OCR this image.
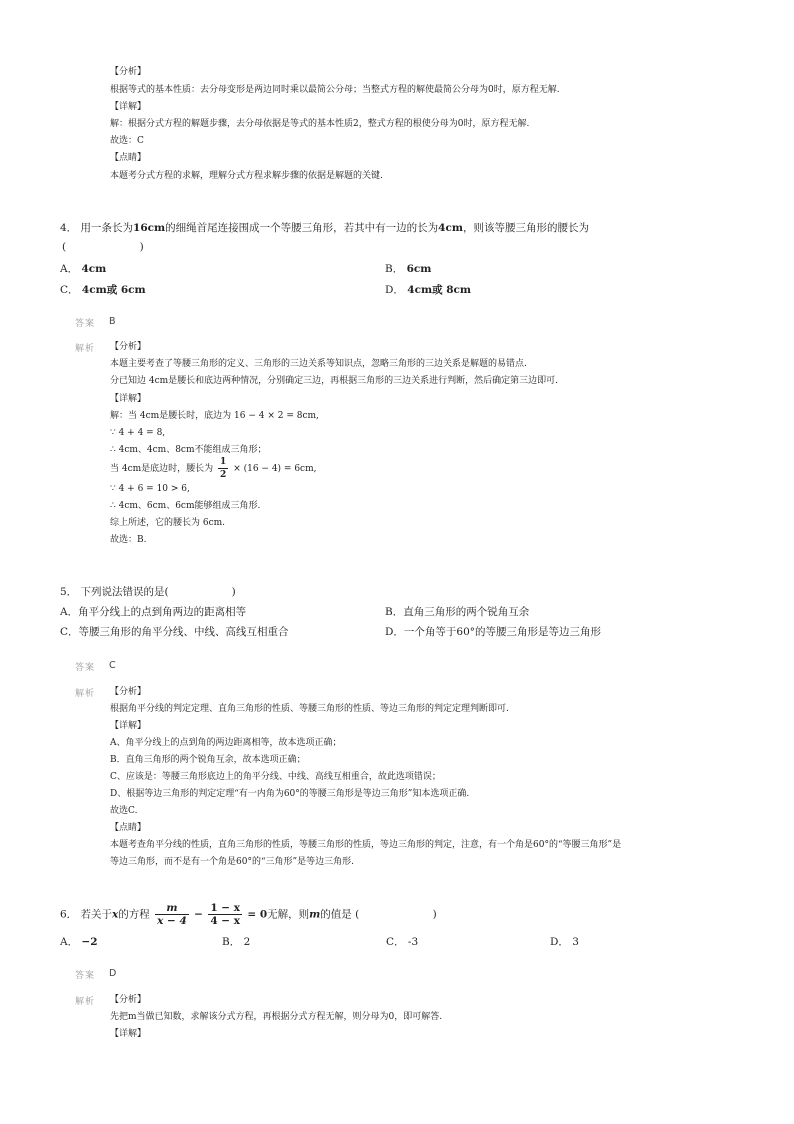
【分析】
根据等式的基本性质：去分母变形是两边同时乘以最简公分母；当整式方程的解使最简公分母为0时，原方程无解.
【详解】
解：根据分式方程的解题步骤，去分母依据是等式的基本性质2，整式方程的根使分母为0时，原方程无解.
故选：C
【点睛】
本题考分式方程的求解，理解分式方程求解步骤的依据是解题的关键.
4． 用一条长为16cm的细绳首尾连接围成一个等腰三角形，若其中有一边的长为4cm，则该等腰三角形的腰长为
(　　　　　　　)
A． 4cm	B． 6cm
C． 4cm或 6cm	D． 4cm或 8cm
答案 B
解析 【分析】
本题主要考查了等腰三角形的定义、三角形的三边关系等知识点，忽略三角形的三边关系是解题的易错点.
分已知边 4cm是腰长和底边两种情况，分别确定三边，再根据三角形的三边关系进行判断，然后确定第三边即可.
【详解】
解：当 4cm是腰长时，底边为 16 − 4 × 2 = 8cm,
∵ 4 + 4 = 8,
∴ 4cm、4cm、8cm不能组成三角形；
当 4cm是底边时，腰长为 $\frac{1}{2} \times (16 - 4) = 6cm$,
∵ 4 + 6 = 10 > 6,
∴ 4cm、6cm、6cm能够组成三角形.
综上所述，它的腰长为 6cm.
故选：B.
5． 下列说法错误的是(　　　　　　)
A．角平分线上的点到角两边的距离相等	B．直角三角形的两个锐角互余
C．等腰三角形的角平分线、中线、高线互相重合	D．一个角等于60°的等腰三角形是等边三角形
答案 C
解析 【分析】
根据角平分线的判定定理、直角三角形的性质、等腰三角形的性质、等边三角形的判定定理判断即可.
【详解】
A、角平分线上的点到角的两边距离相等，故本选项正确；
B．直角三角形的两个锐角互余，故本选项正确；
C、应该是：等腰三角形底边上的角平分线、中线、高线互相重合，故此选项错误；
D、根据等边三角形的判定定理“有一内角为60°的等腰三角形是等边三角形”知本选项正确.
故选C.
【点睛】
本题考查角平分线的性质，直角三角形的性质，等腰三角形的性质，等边三角形的判定，注意，有一个角是60°的“等腰三角形”是
等边三角形，而不是有一个角是60°的“三角形”是等边三角形.
6． 若关于x的方程 $\frac{m}{x - 4} - \frac{1 - x}{4 - x} = 0$无解，则m的值是 (　　　　　　　)
A． −2	B． 2	C． -3	D． 3
答案 D
解析 【分析】
先把m当做已知数，求解该分式方程，再根据分式方程无解，则分母为0，即可解答.
【详解】
